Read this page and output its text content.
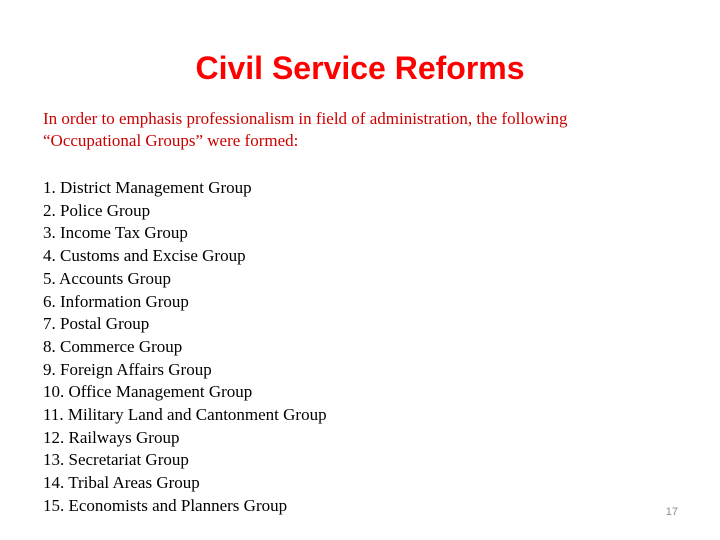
Civil Service Reforms

In order to emphasis professionalism in field of administration, the following
“Occupational Groups” were formed:

1. District Management Group
2. Police Group
3. Income Tax Group
4. Customs and Excise Group
5. Accounts Group
6. Information Group
7. Postal Group
8. Commerce Group
9. Foreign Affairs Group
10. Office Management Group
11. Military Land and Cantonment Group
12. Railways Group
13. Secretariat Group
14. Tribal Areas Group
15. Economists and Planners Group	17
